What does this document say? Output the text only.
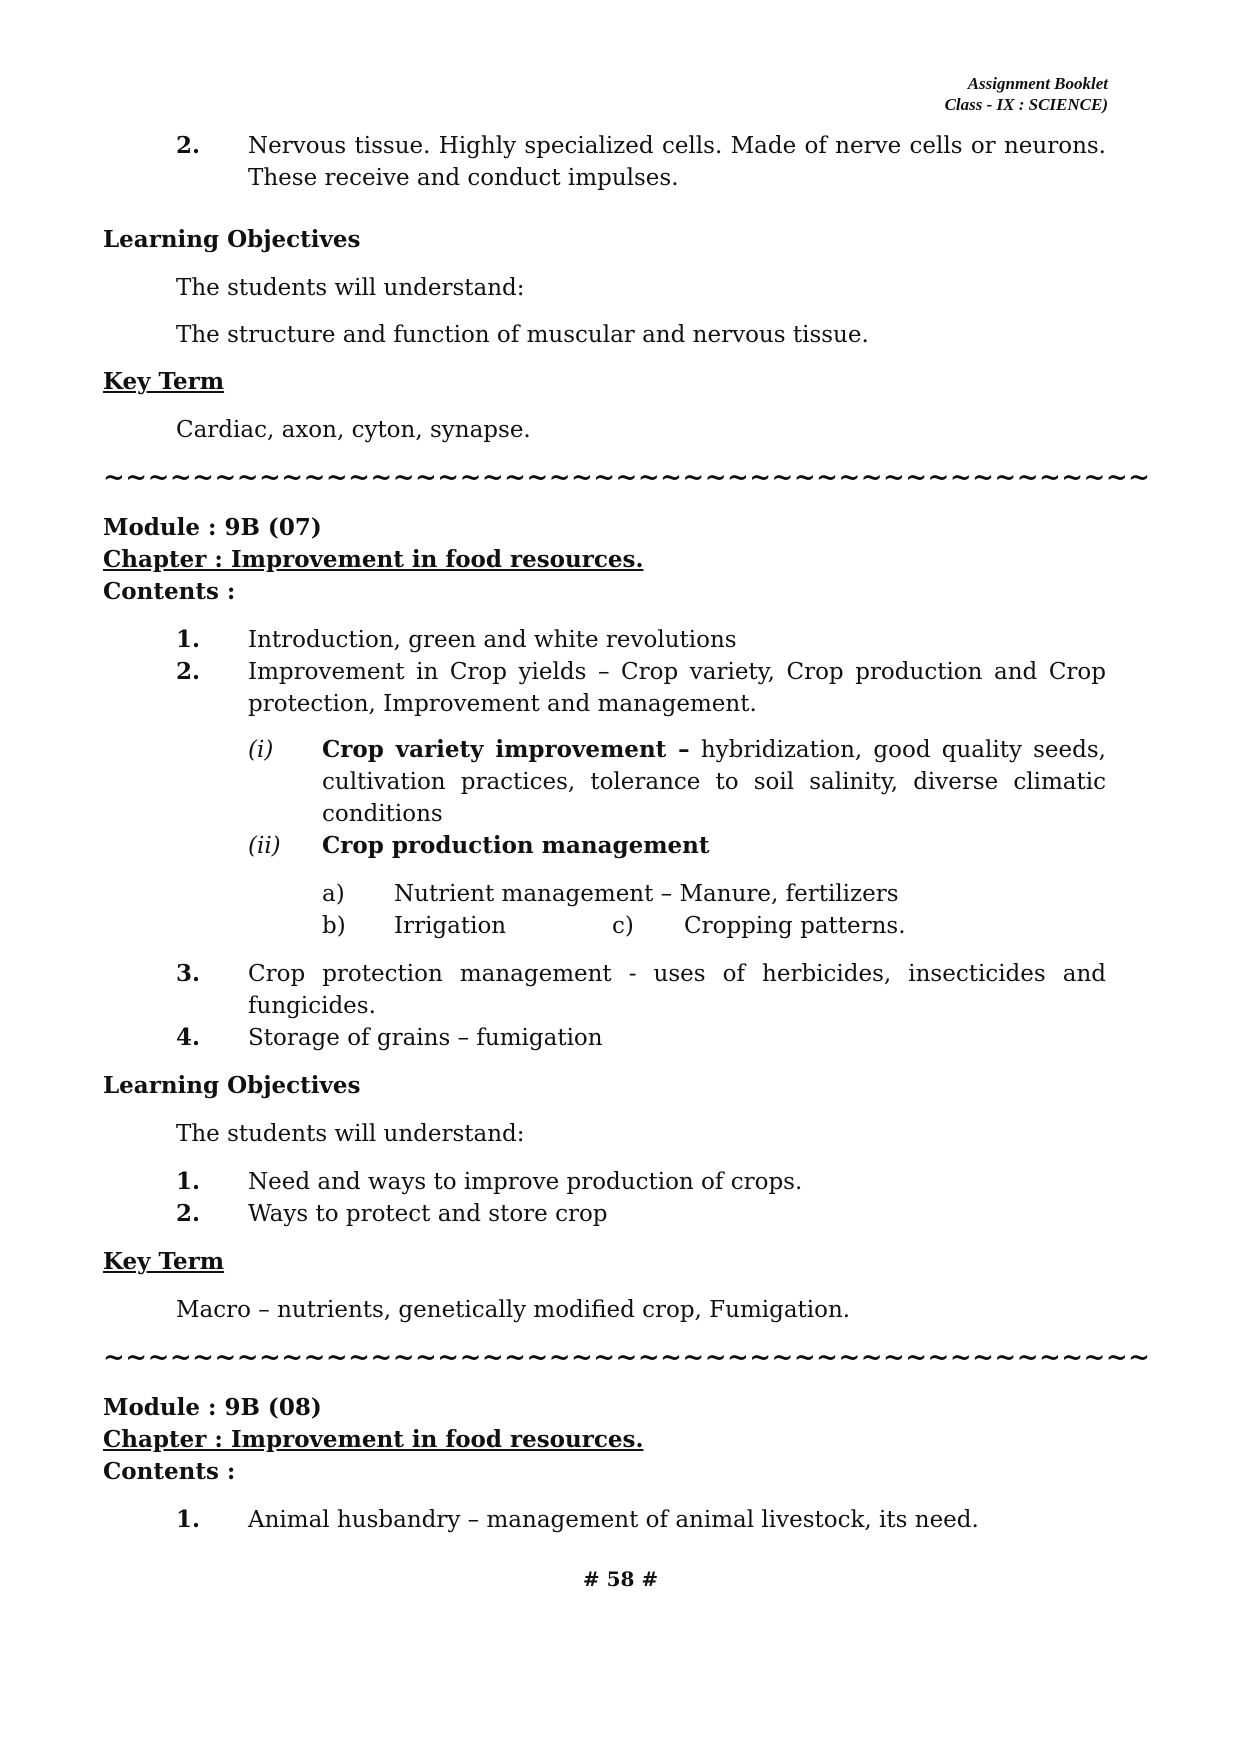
Assignment Booklet
Class - IX : SCIENCE)
2. Nervous tissue. Highly specialized cells. Made of nerve cells or neurons. These receive and conduct impulses.
Learning Objectives
The students will understand:
The structure and function of muscular and nervous tissue.
Key Term
Cardiac, axon, cyton, synapse.
~~~~~~~~~~~~~~~~~~~~~~~~~~~~~~~~~~~~~~~~~~~~~~~
Module : 9B (07)
Chapter : Improvement in food resources.
Contents :
1. Introduction, green and white revolutions
2. Improvement in Crop yields – Crop variety, Crop production and Crop protection, Improvement and management.
(i) Crop variety improvement – hybridization, good quality seeds, cultivation practices, tolerance to soil salinity, diverse climatic conditions
(ii) Crop production management
a) Nutrient management – Manure, fertilizers
b) Irrigation	c) Cropping patterns.
3. Crop protection management - uses of herbicides, insecticides and fungicides.
4. Storage of grains – fumigation
Learning Objectives
The students will understand:
1. Need and ways to improve production of crops.
2. Ways to protect and store crop
Key Term
Macro – nutrients, genetically modified crop, Fumigation.
~~~~~~~~~~~~~~~~~~~~~~~~~~~~~~~~~~~~~~~~~~~~~~~
Module : 9B (08)
Chapter : Improvement in food resources.
Contents :
1. Animal husbandry – management of animal livestock, its need.
# 58 #
